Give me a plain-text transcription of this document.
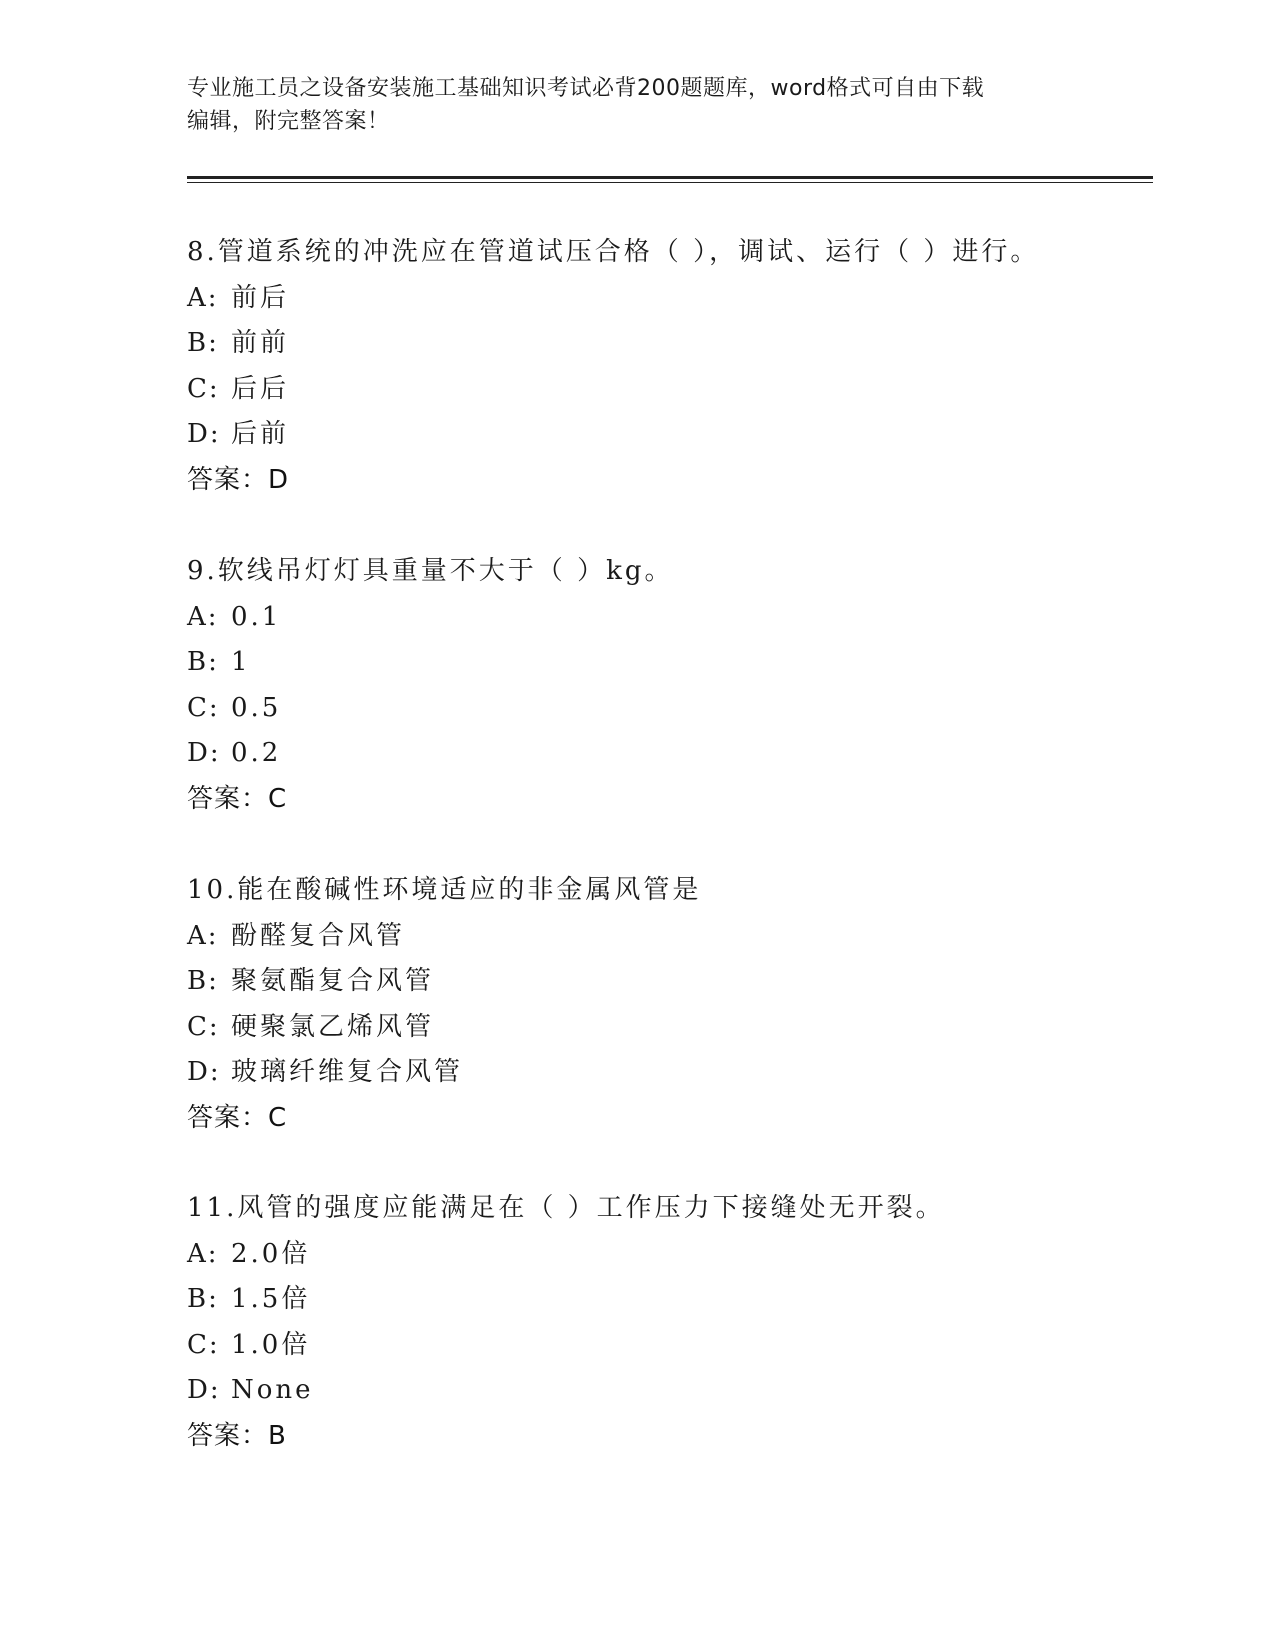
专业施工员之设备安装施工基础知识考试必背200题题库，word格式可自由下载
编辑，附完整答案！
8.管道系统的冲洗应在管道试压合格（ ），调试、运行（ ）进行。
A: 前后
B: 前前
C: 后后
D: 后前
答案：D
9.软线吊灯灯具重量不大于（ ）kg。
A: 0.1
B: 1
C: 0.5
D: 0.2
答案：C
10.能在酸碱性环境适应的非金属风管是
A: 酚醛复合风管
B: 聚氨酯复合风管
C: 硬聚氯乙烯风管
D: 玻璃纤维复合风管
答案：C
11.风管的强度应能满足在（ ）工作压力下接缝处无开裂。
A: 2.0倍
B: 1.5倍
C: 1.0倍
D: None
答案：B
